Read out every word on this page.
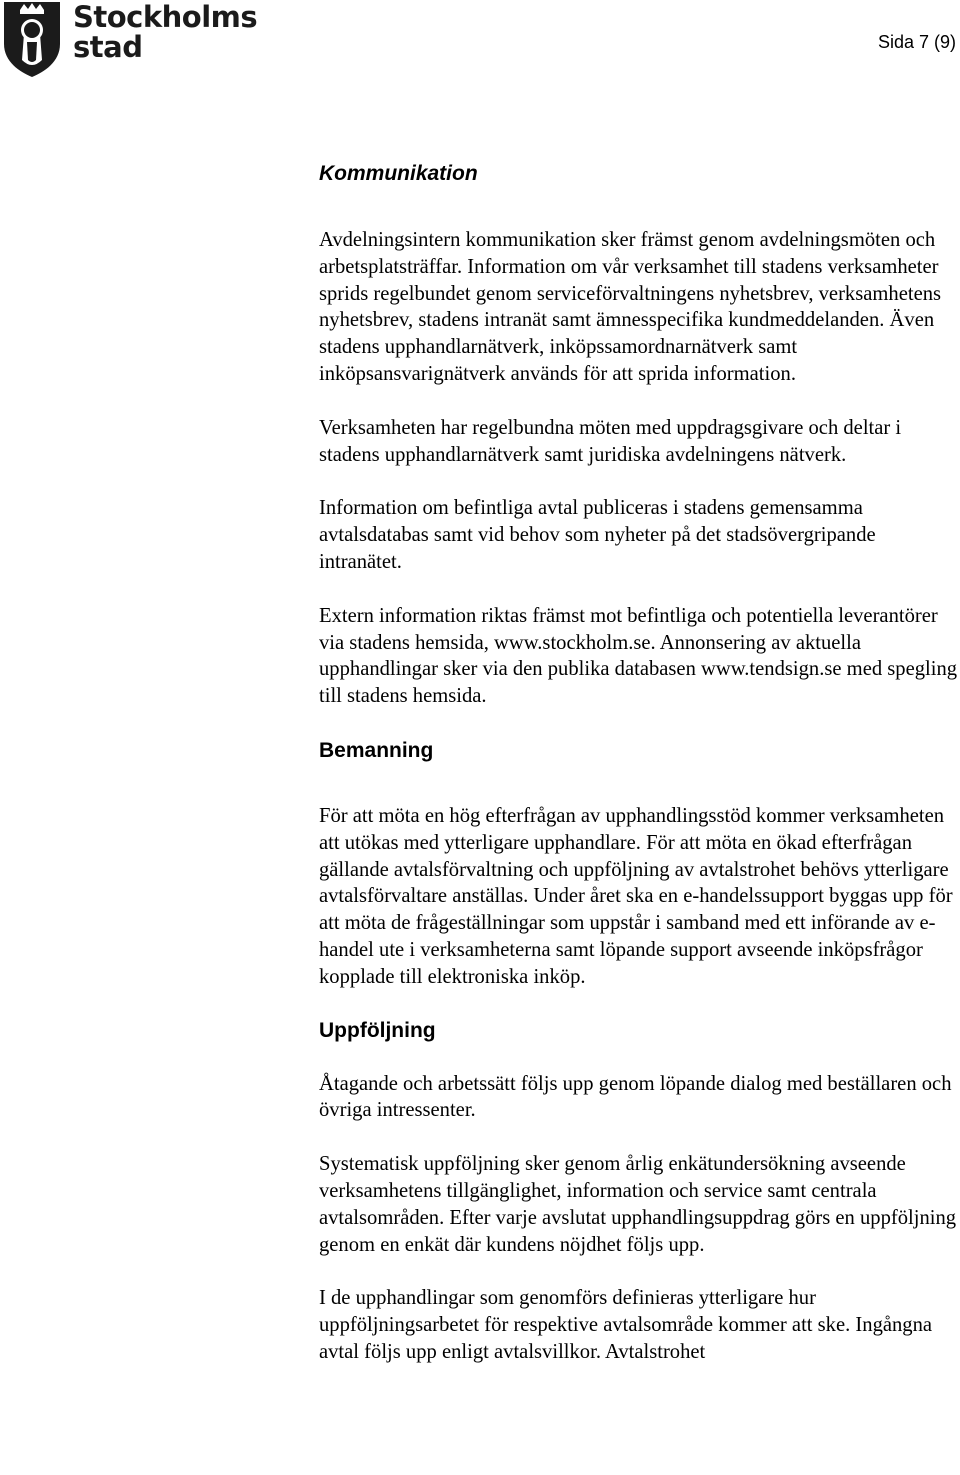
Stockholms
stad	Sida 7 (9)
Kommunikation

Avdelningsintern kommunikation sker främst genom avdelningsmöten och arbetsplatsträffar. Information om vår verksamhet till stadens verksamheter sprids regelbundet genom serviceförvaltningens nyhetsbrev, verksamhetens nyhetsbrev, stadens intranät samt ämnesspecifika kundmeddelanden. Även stadens upphandlarnätverk, inköpssamordnarnätverk samt inköpsansvarignätverk används för att sprida information.

Verksamheten har regelbundna möten med uppdragsgivare och deltar i stadens upphandlarnätverk samt juridiska avdelningens nätverk.

Information om befintliga avtal publiceras i stadens gemensamma avtalsdatabas samt vid behov som nyheter på det stadsövergripande intranätet.

Extern information riktas främst mot befintliga och potentiella leverantörer via stadens hemsida, www.stockholm.se. Annonsering av aktuella upphandlingar sker via den publika databasen www.tendsign.se med spegling till stadens hemsida.

Bemanning

För att möta en hög efterfrågan av upphandlingsstöd kommer verksamheten att utökas med ytterligare upphandlare. För att möta en ökad efterfrågan gällande avtalsförvaltning och uppföljning av avtalstrohet behövs ytterligare avtalsförvaltare anställas. Under året ska en e-handelssupport byggas upp för att möta de frågeställningar som uppstår i samband med ett införande av e-handel ute i verksamheterna samt löpande support avseende inköpsfrågor kopplade till elektroniska inköp.

Uppföljning

Åtagande och arbetssätt följs upp genom löpande dialog med beställaren och övriga intressenter.

Systematisk uppföljning sker genom årlig enkätundersökning avseende verksamhetens tillgänglighet, information och service samt centrala avtalsområden. Efter varje avslutat upphandlingsuppdrag görs en uppföljning genom en enkät där kundens nöjdhet följs upp.

I de upphandlingar som genomförs definieras ytterligare hur uppföljningsarbetet för respektive avtalsområde kommer att ske. Ingångna avtal följs upp enligt avtalsvillkor. Avtalstrohet
